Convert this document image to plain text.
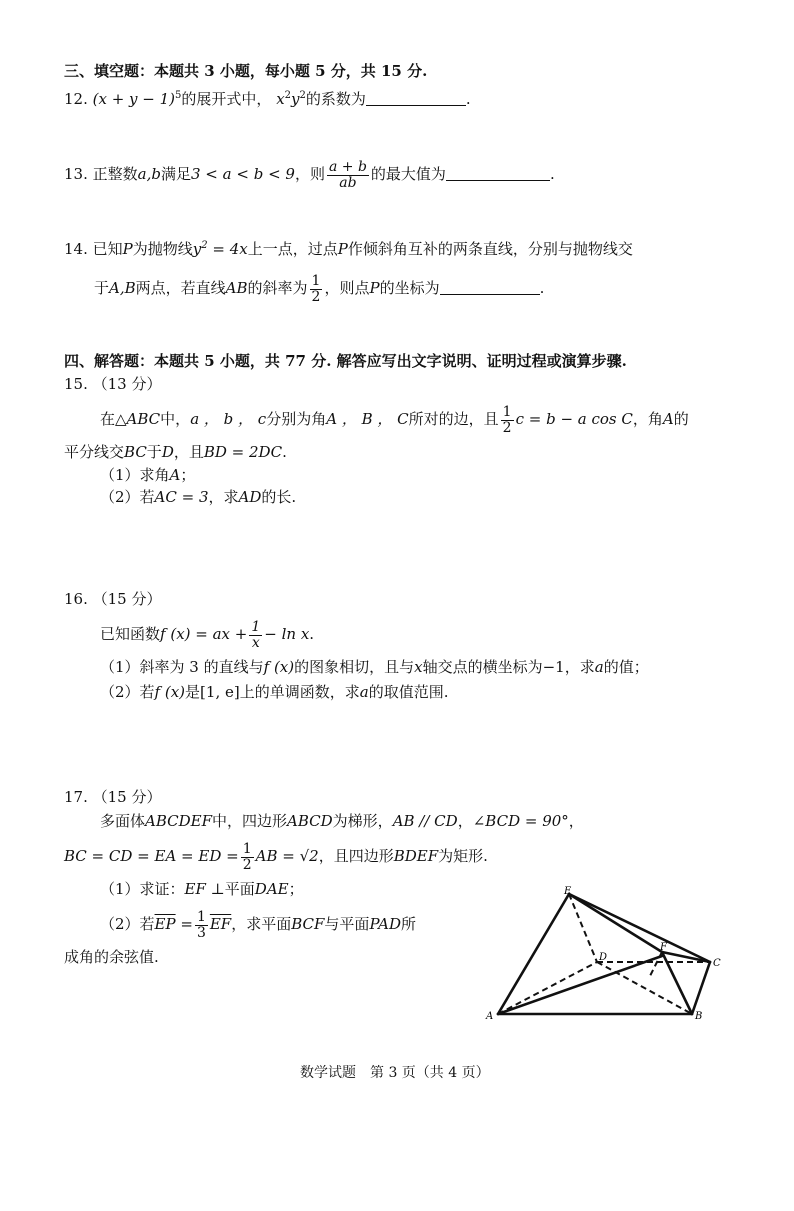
三、填空题：本题共 3 小题，每小题 5 分，共 15 分.
12. $(x + y - 1)^5$的展开式中， $x^2y^2$的系数为	.
13. 正整数a,b满足3 < a < b < 9，则 $\frac{a + b}{ab}$ 的最大值为	.
14. 已知P为抛物线$y^2 = 4x$上一点，过点P作倾斜角互补的两条直线，分别与抛物线交
于A,B两点，若直线AB的斜率为 $\frac{1}{2}$ ，则点P的坐标为	.
四、解答题：本题共 5 小题，共 77 分. 解答应写出文字说明、证明过程或演算步骤.
15. （13 分）
在△ABC中，a ， b ， c分别为角A ， B ， C所对的边，且 $\frac{1}{2}$ c = b − a cos C，角A的
平分线交BC于D，且BD = 2DC.
（1）求角A；
（2）若AC = 3，求AD的长.
16. （15 分）
已知函数f (x) = ax + $\frac{1}{x} - \ln x$.
（1）斜率为 3 的直线与f (x)的图象相切，且与x轴交点的横坐标为−1，求a的值；
（2）若f (x)是[1, e]上的单调函数，求a的取值范围.
17. （15 分）
多面体ABCDEF中，四边形ABCD为梯形，AB // CD，∠BCD = 90°，
BC = CD = EA = ED = $\frac{1}{2}$ AB = √2，且四边形BDEF为矩形.
（1）求证：EF ⊥平面DAE；
（2）若$\overline{EP} = \frac{1}{3} \overline{EF}$，求平面BCF与平面PAD所
成角的余弦值.
E
F
D
C
A	B
数学试题　第 3 页（共 4 页）
